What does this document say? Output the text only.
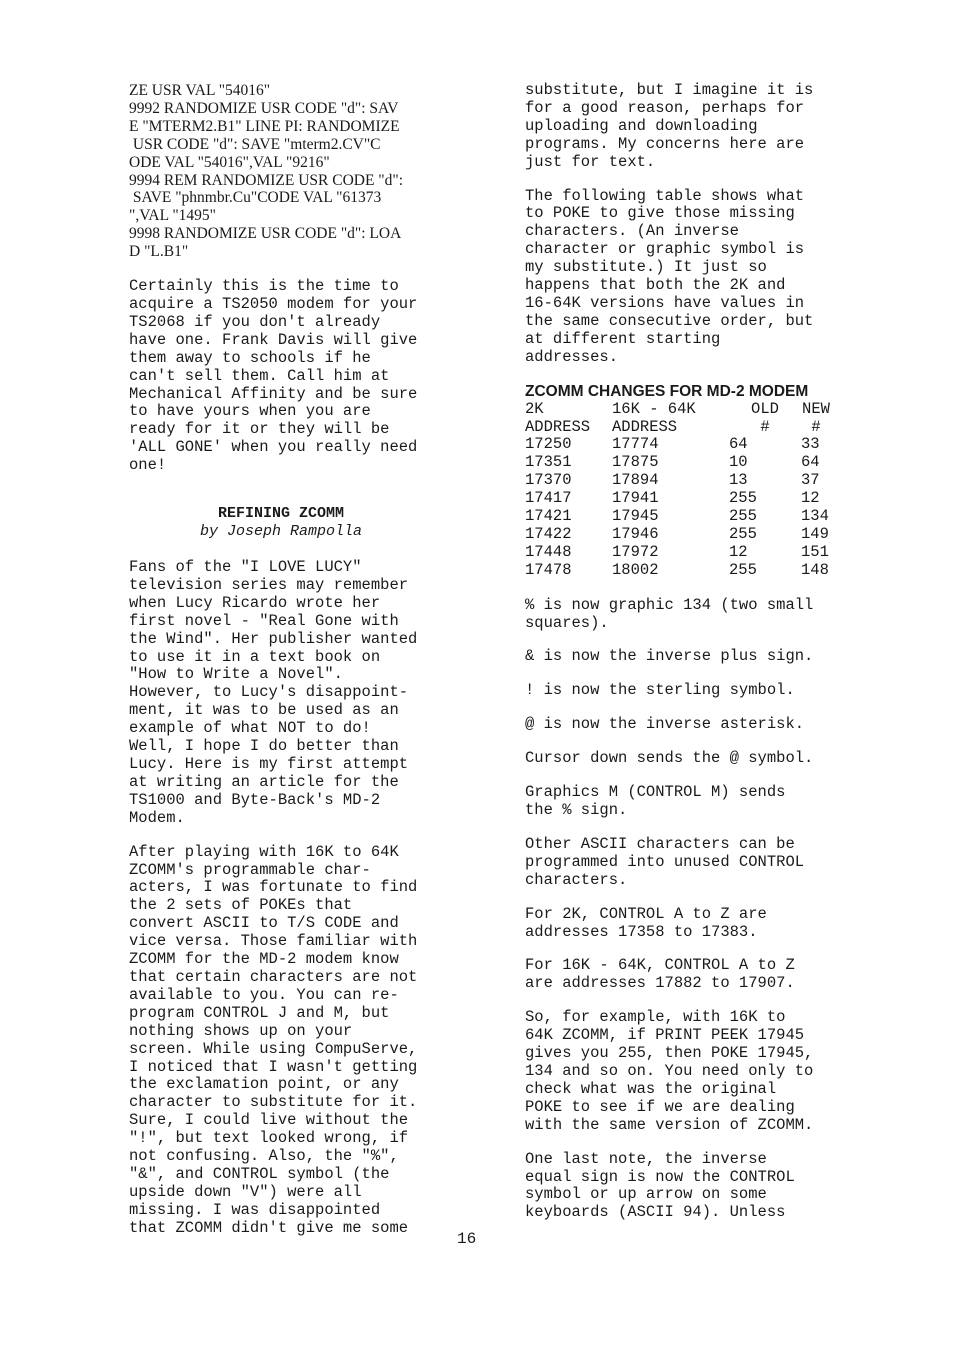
ZE USR VAL "54016"
9992 RANDOMIZE USR CODE "d": SAV
E "MTERM2.B1" LINE PI: RANDOMIZE
USR CODE "d": SAVE "mterm2.CV"C
ODE VAL "54016",VAL "9216"
9994 REM RANDOMIZE USR CODE "d":
SAVE "phnmbr.Cu"CODE VAL "61373
",VAL "1495"
9998 RANDOMIZE USR CODE "d": LOA
D "L.B1"
Certainly this is the time to
acquire a TS2050 modem for your
TS2068 if you don't already
have one. Frank Davis will give
them away to schools if he
can't sell them. Call him at
Mechanical Affinity and be sure
to have yours when you are
ready for it or they will be
'ALL GONE' when you really need
one!
REFINING ZCOMM
by Joseph Rampolla
Fans of the "I LOVE LUCY"
television series may remember
when Lucy Ricardo wrote her
first novel - "Real Gone with
the Wind". Her publisher wanted
to use it in a text book on
"How to Write a Novel".
However, to Lucy's disappoint-
ment, it was to be used as an
example of what NOT to do!
Well, I hope I do better than
Lucy. Here is my first attempt
at writing an article for the
TS1000 and Byte-Back's MD-2
Modem.
After playing with 16K to 64K
ZCOMM's programmable char-
acters, I was fortunate to find
the 2 sets of POKEs that
convert ASCII to T/S CODE and
vice versa. Those familiar with
ZCOMM for the MD-2 modem know
that certain characters are not
available to you. You can re-
program CONTROL J and M, but
nothing shows up on your
screen. While using CompuServe,
I noticed that I wasn't getting
the exclamation point, or any
character to substitute for it.
Sure, I could live without the
"!", but text looked wrong, if
not confusing. Also, the "%",
"&", and CONTROL symbol (the
upside down "V") were all
missing. I was disappointed
that ZCOMM didn't give me some
16
substitute, but I imagine it is
for a good reason, perhaps for
uploading and downloading
programs. My concerns here are
just for text.
The following table shows what
to POKE to give those missing
characters. (An inverse
character or graphic symbol is
my substitute.) It just so
happens that both the 2K and
16-64K versions have values in
the same consecutive order, but
at different starting
addresses.
ZCOMM CHANGES FOR MD-2 MODEM
2K	16K - 64K	OLD	NEW
ADDRESS	ADDRESS	#	#
17250	17774	64	33
17351	17875	10	64
17370	17894	13	37
17417	17941	255	12
17421	17945	255	134
17422	17946	255	149
17448	17972	12	151
17478	18002	255	148
% is now graphic 134 (two small
squares).
& is now the inverse plus sign.
! is now the sterling symbol.
@ is now the inverse asterisk.
Cursor down sends the @ symbol.
Graphics M (CONTROL M) sends
the % sign.
Other ASCII characters can be
programmed into unused CONTROL
characters.
For 2K, CONTROL A to Z are
addresses 17358 to 17383.
For 16K - 64K, CONTROL A to Z
are addresses 17882 to 17907.
So, for example, with 16K to
64K ZCOMM, if PRINT PEEK 17945
gives you 255, then POKE 17945,
134 and so on. You need only to
check what was the original
POKE to see if we are dealing
with the same version of ZCOMM.
One last note, the inverse
equal sign is now the CONTROL
symbol or up arrow on some
keyboards (ASCII 94). Unless
